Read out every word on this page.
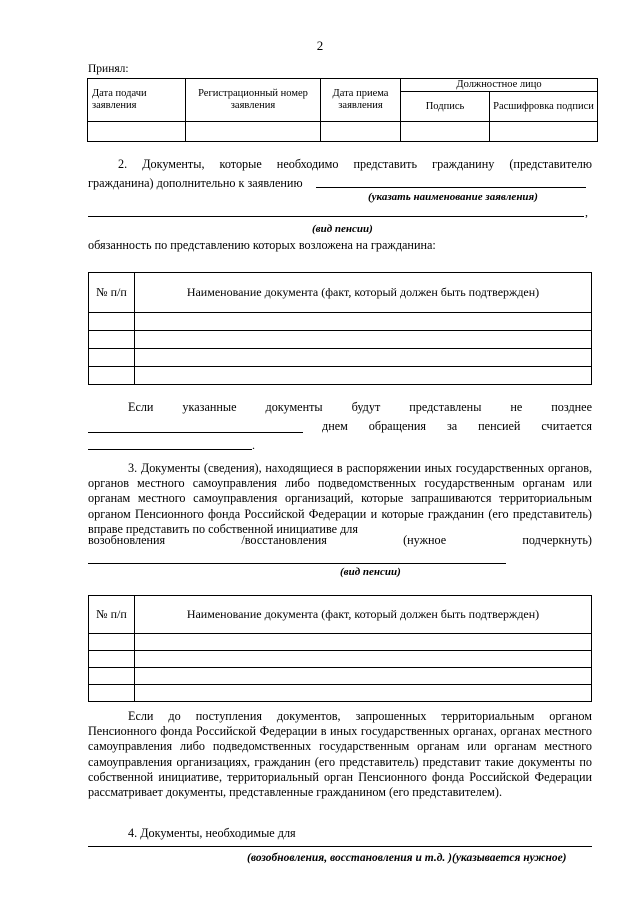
2
Принял:
Дата подачи заявления	Регистрационный номер заявления	Дата приема заявления	Должностное лицо	
			Подпись	Расшифровка подписи

2. Документы, которые необходимо представить гражданину (представителю
гражданина) дополнительно к заявлению
(указать наименование заявления)
,
(вид пенсии)
обязанность по представлению которых возложена на гражданина:
№ п/п	Наименование документа (факт, который должен быть подтвержден)

Если указанные документы будут представлены не позднее
днем обращения за пенсией считается
.
3. Документы (сведения), находящиеся в распоряжении иных государственных органов, органов местного самоуправления либо подведомственных государственным органам или органам местного самоуправления организаций, которые запрашиваются территориальным органом Пенсионного фонда Российской Федерации и которые гражданин (его представитель) вправе представить по собственной инициативе для
возобновления /восстановления (нужное подчеркнуть)
(вид пенсии)
№ п/п	Наименование документа (факт, который должен быть подтвержден)

Если до поступления документов, запрошенных территориальным органом Пенсионного фонда Российской Федерации в иных государственных органах, органах местного самоуправления либо подведомственных государственным органам или органам местного самоуправления организациях, гражданин (его представитель) представит такие документы по собственной инициативе, территориальный орган Пенсионного фонда Российской Федерации рассматривает документы, представленные гражданином (его представителем).
4. Документы, необходимые для
(возобновления, восстановления и т.д. )(указывается нужное)
